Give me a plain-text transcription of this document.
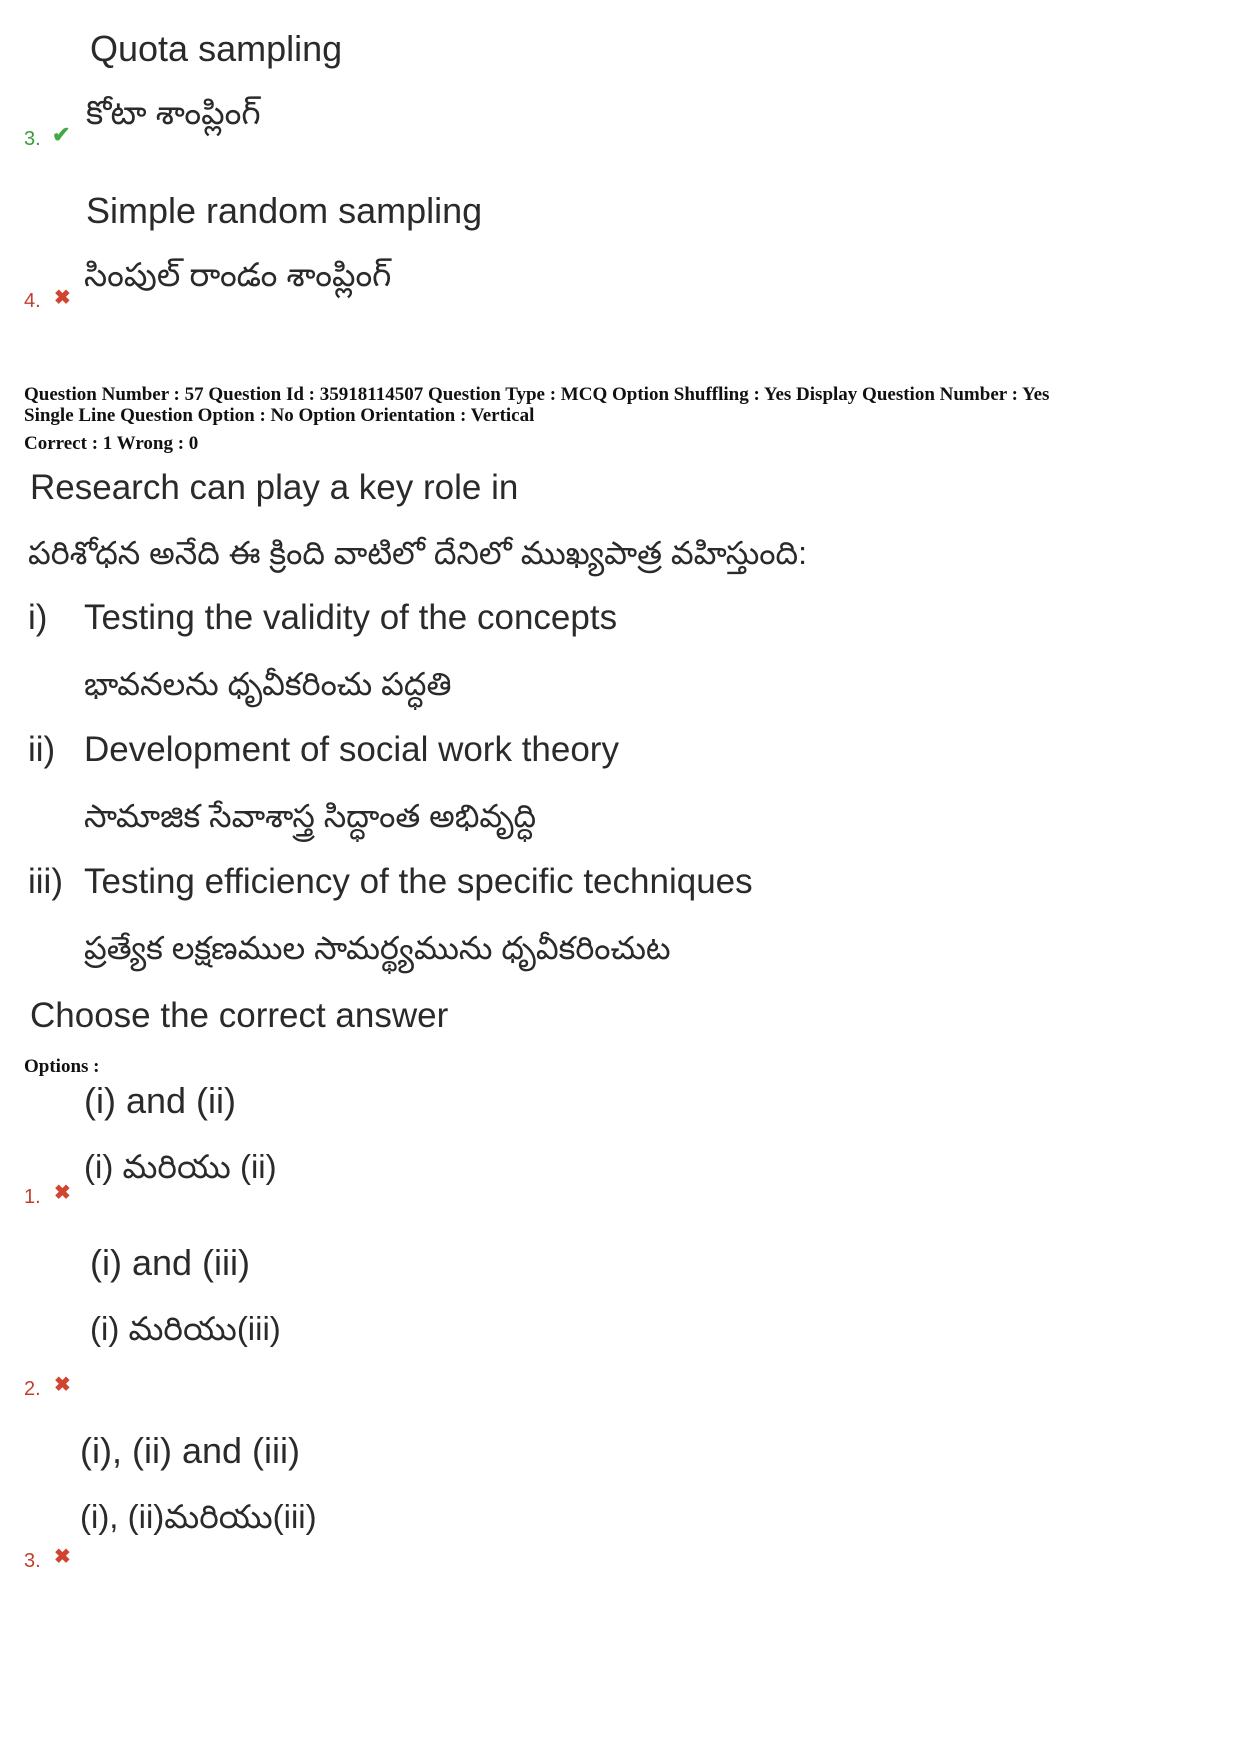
Quota sampling
కోటా శాంప్లింగ్
3. ✔
Simple random sampling
సింపుల్ రాండం శాంప్లింగ్
4. ✖
Question Number : 57 Question Id : 35918114507 Question Type : MCQ Option Shuffling : Yes Display Question Number : Yes
Single Line Question Option : No Option Orientation : Vertical
Correct : 1 Wrong : 0
Research can play a key role in
పరిశోధన అనేది ఈ క్రింది వాటిలో దేనిలో ముఖ్యపాత్ర వహిస్తుంది:
i) Testing the validity of the concepts
భావనలను ధృవీకరించు పద్ధతి
ii) Development of social work theory
సామాజిక సేవాశాస్త్ర సిద్ధాంత అభివృద్ధి
iii) Testing efficiency of the specific techniques
ప్రత్యేక లక్షణముల సామర్థ్యమును ధృవీకరించుట
Choose the correct answer
Options :
(i) and (ii)
(i) మరియు (ii)
1. ✖
(i) and (iii)
(i) మరియు(iii)
2. ✖
(i), (ii) and (iii)
(i), (ii)మరియు(iii)
3. ✖
